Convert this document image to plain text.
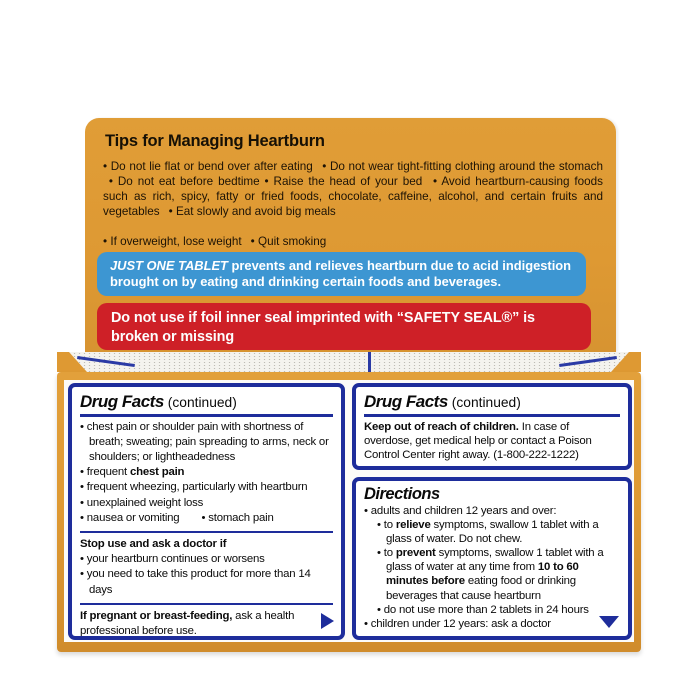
Tips for Managing Heartburn

• Do not lie flat or bend over after eating  • Do not wear tight-fitting clothing around the stomach  • Do not eat before bedtime • Raise the head of your bed  • Avoid heartburn-causing foods such as rich, spicy, fatty or fried foods, chocolate, caffeine, alcohol, and certain fruits and vegetables  • Eat slowly and avoid big meals

• If overweight, lose weight  • Quit smoking

JUST ONE TABLET prevents and relieves heartburn due to acid indigestion brought on by eating and drinking certain foods and beverages.
Do not use if foil inner seal imprinted with “SAFETY SEAL®” is broken or missing
Drug Facts (continued)
• chest pain or shoulder pain with shortness of breath; sweating; pain spreading to arms, neck or shoulders; or lightheadedness
• frequent chest pain
• frequent wheezing, particularly with heartburn
• unexplained weight loss
• nausea or vomiting • stomach pain
Stop use and ask a doctor if
• your heartburn continues or worsens
• you need to take this product for more than 14 days

If pregnant or breast-feeding, ask a health professional before use.

Drug Facts (continued)

Keep out of reach of children. In case of overdose, get medical help or contact a Poison Control Center right away. (1-800-222-1222)

Directions
• adults and children 12 years and over:
• to relieve symptoms, swallow 1 tablet with a glass of water. Do not chew.
• to prevent symptoms, swallow 1 tablet with a glass of water at any time from 10 to 60 minutes before eating food or drinking beverages that cause heartburn
• do not use more than 2 tablets in 24 hours
• children under 12 years: ask a doctor
